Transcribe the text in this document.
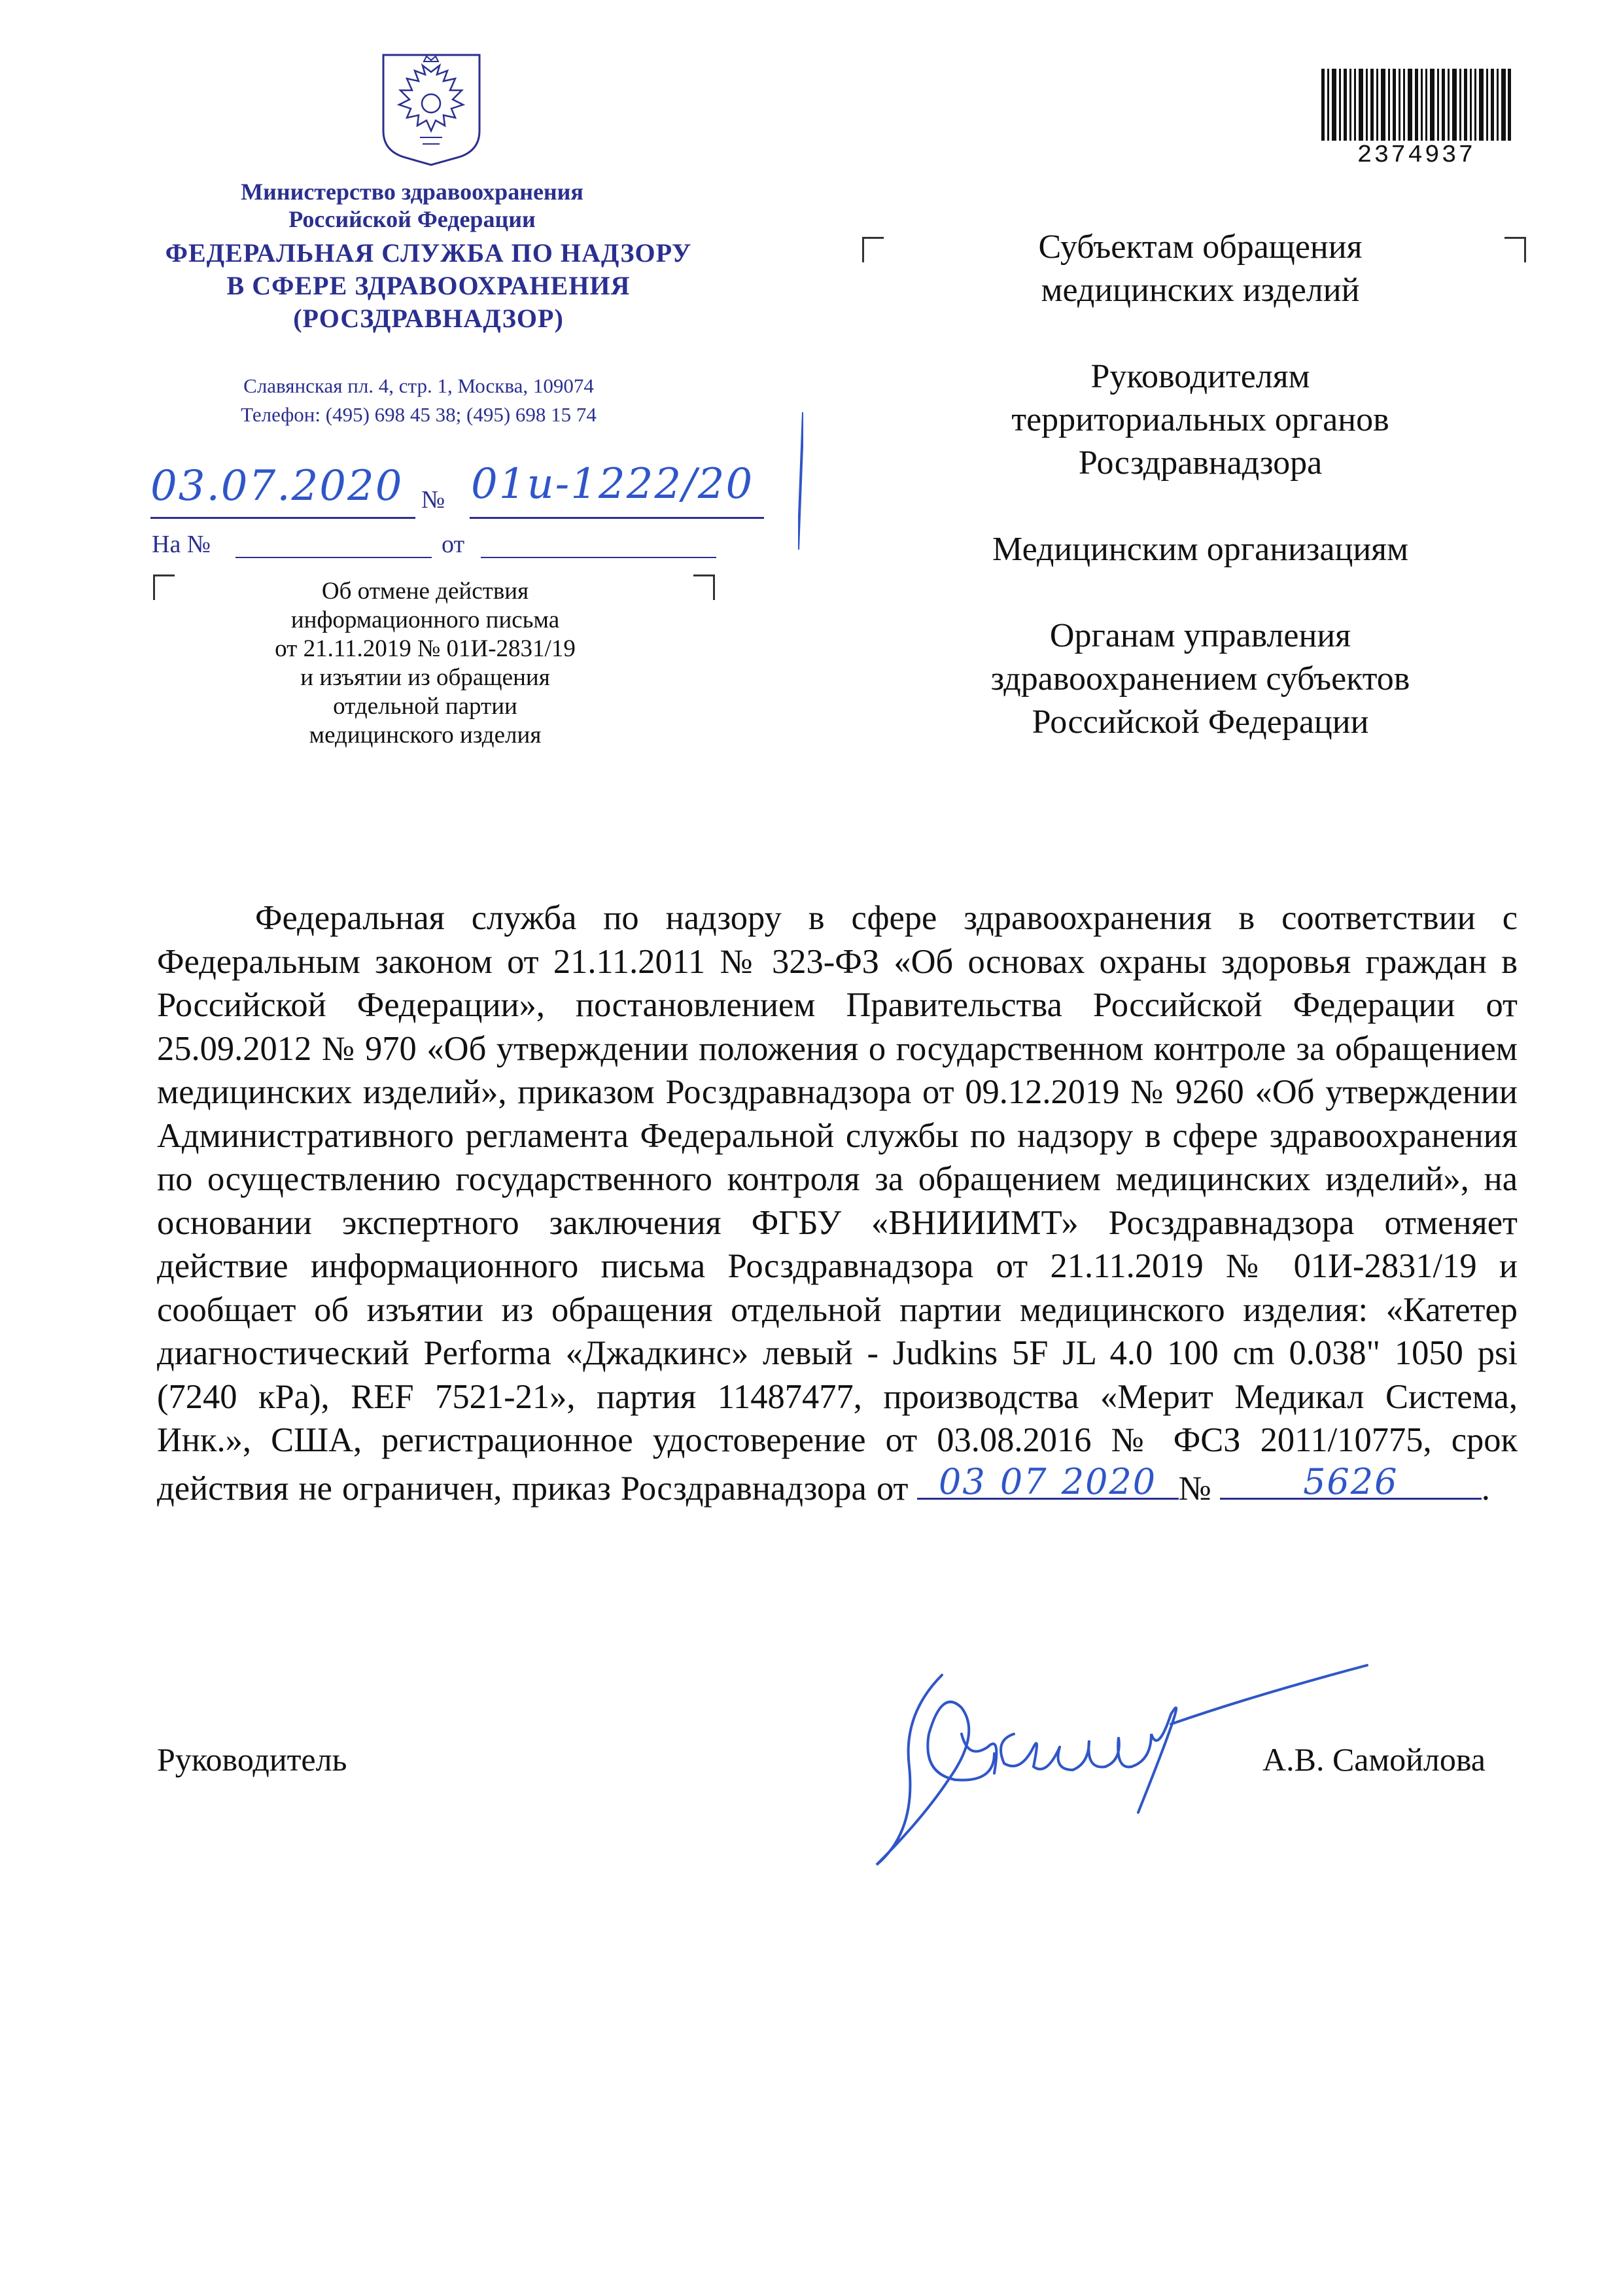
2374937
Министерство здравоохранения
Российской Федерации
ФЕДЕРАЛЬНАЯ СЛУЖБА ПО НАДЗОРУ
В СФЕРЕ ЗДРАВООХРАНЕНИЯ
(РОСЗДРАВНАДЗОР)
Славянская пл. 4, стр. 1, Москва, 109074
Телефон: (495) 698 45 38; (495) 698 15 74
03.07.2020 № 01и-1222/20
На №	от
Об отмене действия
информационного письма
от 21.11.2019 № 01И-2831/19
и изъятии из обращения
отдельной партии
медицинского изделия

Субъектам обращения
медицинских изделий

Руководителям
территориальных органов
Росздравнадзора

Медицинским организациям

Органам управления
здравоохранением субъектов
Российской Федерации

Федеральная служба по надзору в сфере здравоохранения в соответствии с Федеральным законом от 21.11.2011 № 323-ФЗ «Об основах охраны здоровья граждан в Российской Федерации», постановлением Правительства Российской Федерации от 25.09.2012 № 970 «Об утверждении положения о государственном контроле за обращением медицинских изделий», приказом Росздравнадзора от 09.12.2019 № 9260 «Об утверждении Административного регламента Федеральной службы по надзору в сфере здравоохранения по осуществлению государственного контроля за обращением медицинских изделий», на основании экспертного заключения ФГБУ «ВНИИИМТ» Росздравнадзора отменяет действие информационного письма Росздравнадзора от 21.11.2019 № 01И-2831/19 и сообщает об изъятии из обращения отдельной партии медицинского изделия: «Катетер диагностический Performa «Джадкинс» левый - Judkins 5F JL 4.0 100 cm 0.038" 1050 psi (7240 кPa), REF 7521-21», партия 11487477, производства «Мерит Медикал Система, Инк.», США, регистрационное удостоверение от 03.08.2016 № ФСЗ 2011/10775, срок действия не ограничен, приказ Росздравнадзора от 03 07 2020 №	5626	.
Руководитель	А.В. Самойлова
